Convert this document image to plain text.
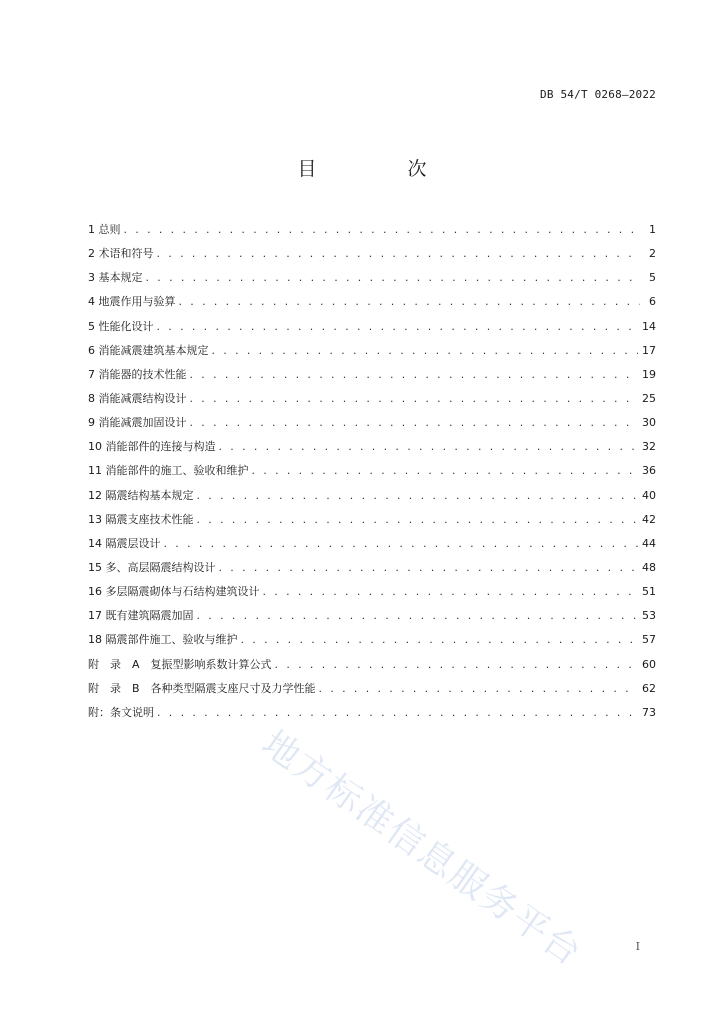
DB 54/T 0268—2022
目　次
1 总则 . . .	1
2 术语和符号 . . .	2
3 基本规定 . . .	5
4 地震作用与验算 . . .	6
5 性能化设计 . . .	14
6 消能减震建筑基本规定 . . .	17
7 消能器的技术性能 . . .	19
8 消能减震结构设计 . . .	25
9 消能减震加固设计 . . .	30
10 消能部件的连接与构造 . . .	32
11 消能部件的施工、验收和维护 . . .	36
12 隔震结构基本规定 . . .	40
13 隔震支座技术性能 . . .	42
14 隔震层设计 . . .	44
15 多、高层隔震结构设计 . . .	48
16 多层隔震砌体与石结构建筑设计 . . .	51
17 既有建筑隔震加固 . . .	53
18 隔震部件施工、验收与维护 . . .	57
附　录　A　复振型影响系数计算公式 . . .	60
附　录　B　各种类型隔震支座尺寸及力学性能 . . .	62
附：条文说明 . . .	73
地方标准信息服务平台	I
